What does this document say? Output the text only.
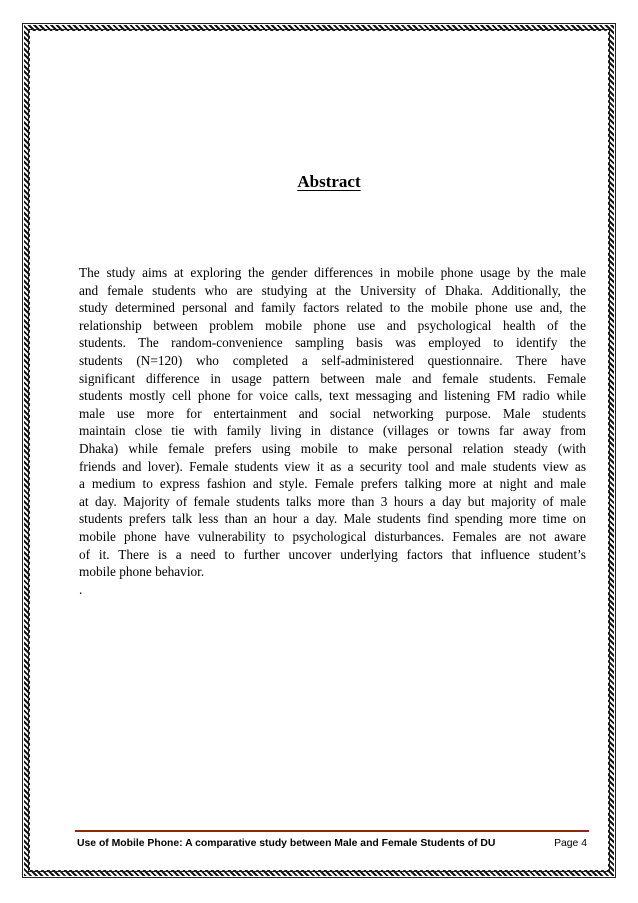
Abstract
The study aims at exploring the gender differences in mobile phone usage by the male
and female students who are studying at the University of Dhaka. Additionally, the
study determined personal and family factors related to the mobile phone use and, the
relationship between problem mobile phone use and psychological health of the
students. The random-convenience sampling basis was employed to identify the
students (N=120) who completed a self-administered questionnaire. There have
significant difference in usage pattern between male and female students. Female
students mostly cell phone for voice calls, text messaging and listening FM radio while
male use more for entertainment and social networking purpose. Male students
maintain close tie with family living in distance (villages or towns far away from
Dhaka) while female prefers using mobile to make personal relation steady (with
friends and lover). Female students view it as a security tool and male students view as
a medium to express fashion and style. Female prefers talking more at night and male
at day. Majority of female students talks more than 3 hours a day but majority of male
students prefers talk less than an hour a day. Male students find spending more time on
mobile phone have vulnerability to psychological disturbances. Females are not aware
of it. There is a need to further uncover underlying factors that influence student’s
mobile phone behavior.
.
Use of Mobile Phone: A comparative study between Male and Female Students of DU	Page 4
